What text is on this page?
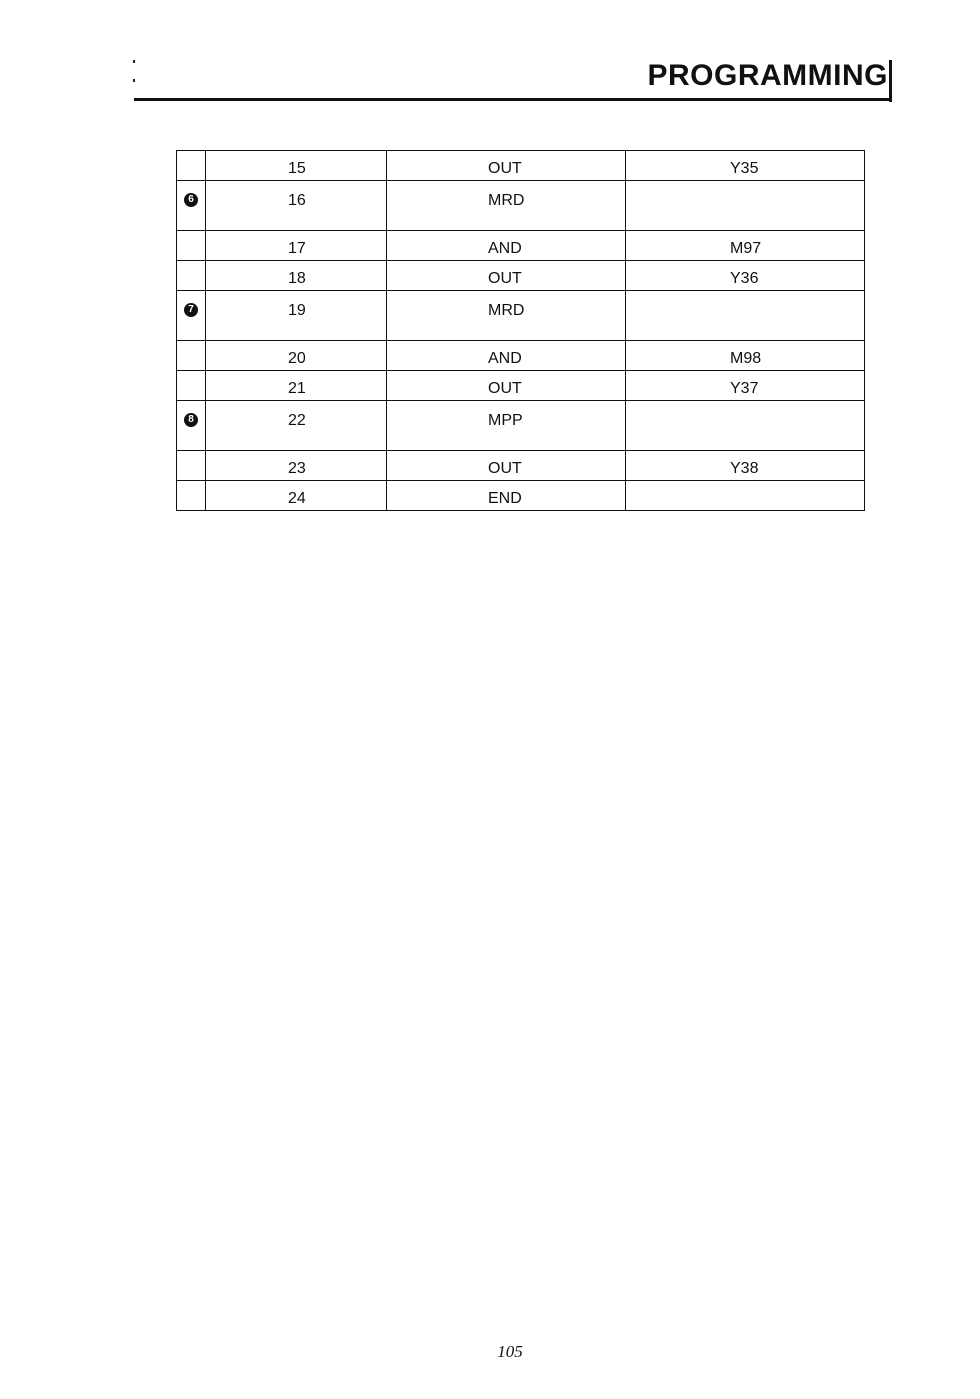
PROGRAMMING

	15	OUT	Y35

6	16	MRD	

	17	AND	M97

	18	OUT	Y36

7	19	MRD	

	20	AND	M98

	21	OUT	Y37

8	22	MPP	

	23	OUT	Y38

	24	END	

105
